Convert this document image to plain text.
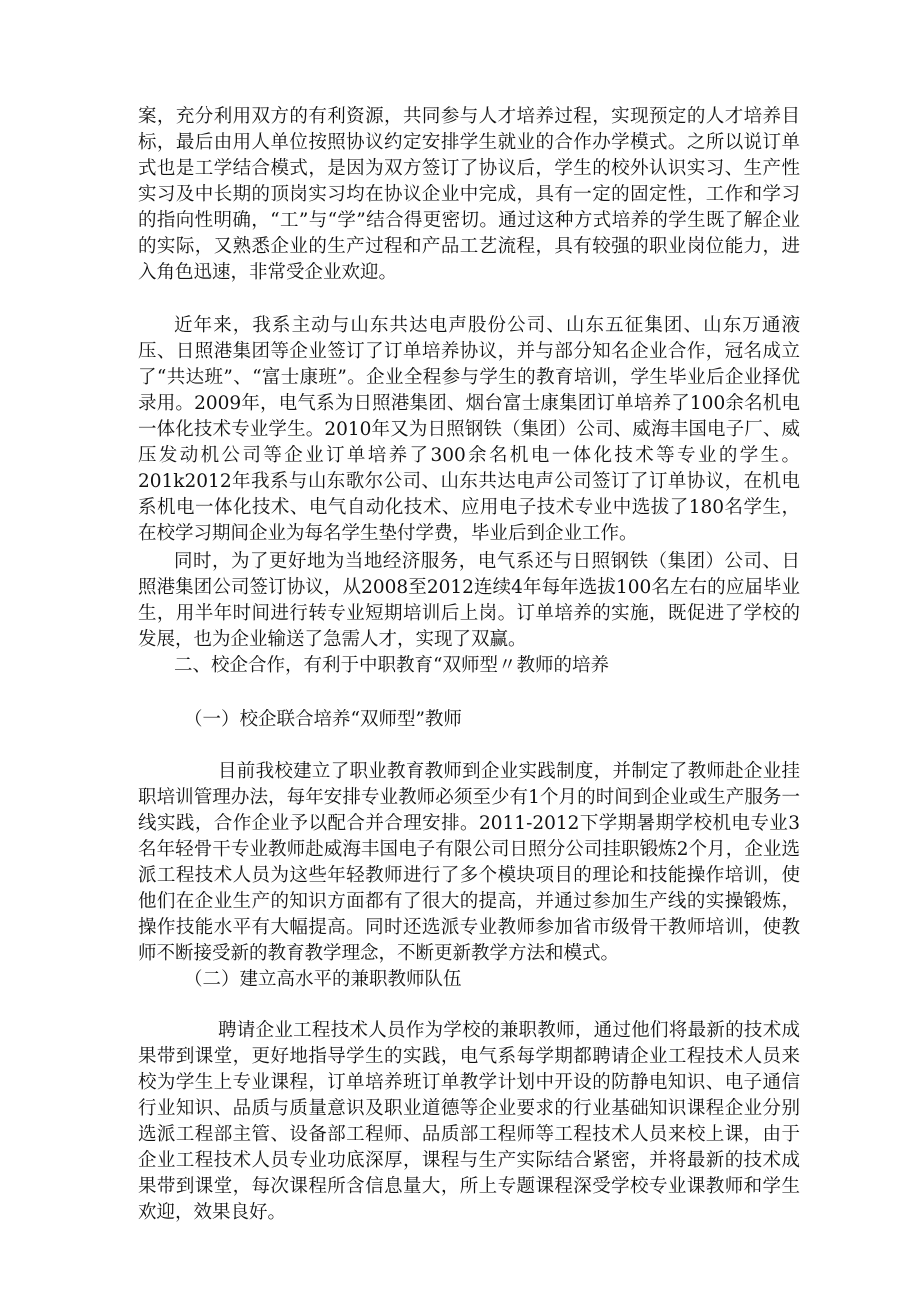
案，充分利用双方的有利资源，共同参与人才培养过程，实现预定的人才培养目标，最后由用人单位按照协议约定安排学生就业的合作办学模式。之所以说订单式也是工学结合模式，是因为双方签订了协议后，学生的校外认识实习、生产性实习及中长期的顶岗实习均在协议企业中完成，具有一定的固定性，工作和学习的指向性明确，“工”与“学”结合得更密切。通过这种方式培养的学生既了解企业的实际，又熟悉企业的生产过程和产品工艺流程，具有较强的职业岗位能力，进入角色迅速，非常受企业欢迎。

近年来，我系主动与山东共达电声股份公司、山东五征集团、山东万通液压、日照港集团等企业签订了订单培养协议，并与部分知名企业合作，冠名成立了“共达班”、“富士康班”。企业全程参与学生的教育培训，学生毕业后企业择优录用。2009年，电气系为日照港集团、烟台富士康集团订单培养了100余名机电一体化技术专业学生。2010年又为日照钢铁（集团）公司、威海丰国电子厂、威压发动机公司等企业订单培养了300余名机电一体化技术等专业的学生。201k2012年我系与山东歌尔公司、山东共达电声公司签订了订单协议，在机电系机电一体化技术、电气自动化技术、应用电子技术专业中选拔了180名学生，在校学习期间企业为每名学生垫付学费，毕业后到企业工作。

同时，为了更好地为当地经济服务，电气系还与日照钢铁（集团）公司、日照港集团公司签订协议，从2008至2012连续4年每年选拔100名左右的应届毕业生，用半年时间进行转专业短期培训后上岗。订单培养的实施，既促进了学校的发展，也为企业输送了急需人才，实现了双赢。

二、校企合作，有利于中职教育“双师型〃教师的培养
（一）校企联合培养“双师型”教师

目前我校建立了职业教育教师到企业实践制度，并制定了教师赴企业挂职培训管理办法，每年安排专业教师必须至少有1个月的时间到企业或生产服务一线实践，合作企业予以配合并合理安排。2011-2012下学期暑期学校机电专业3名年轻骨干专业教师赴威海丰国电子有限公司日照分公司挂职锻炼2个月，企业选派工程技术人员为这些年轻教师进行了多个模块项目的理论和技能操作培训，使他们在企业生产的知识方面都有了很大的提高，并通过参加生产线的实操锻炼，操作技能水平有大幅提高。同时还选派专业教师参加省市级骨干教师培训，使教师不断接受新的教育教学理念，不断更新教学方法和模式。

（二）建立高水平的兼职教师队伍

聘请企业工程技术人员作为学校的兼职教师，通过他们将最新的技术成果带到课堂，更好地指导学生的实践，电气系每学期都聘请企业工程技术人员来校为学生上专业课程，订单培养班订单教学计划中开设的防静电知识、电子通信行业知识、品质与质量意识及职业道德等企业要求的行业基础知识课程企业分别选派工程部主管、设备部工程师、品质部工程师等工程技术人员来校上课，由于企业工程技术人员专业功底深厚，课程与生产实际结合紧密，并将最新的技术成果带到课堂，每次课程所含信息量大，所上专题课程深受学校专业课教师和学生欢迎，效果良好。
